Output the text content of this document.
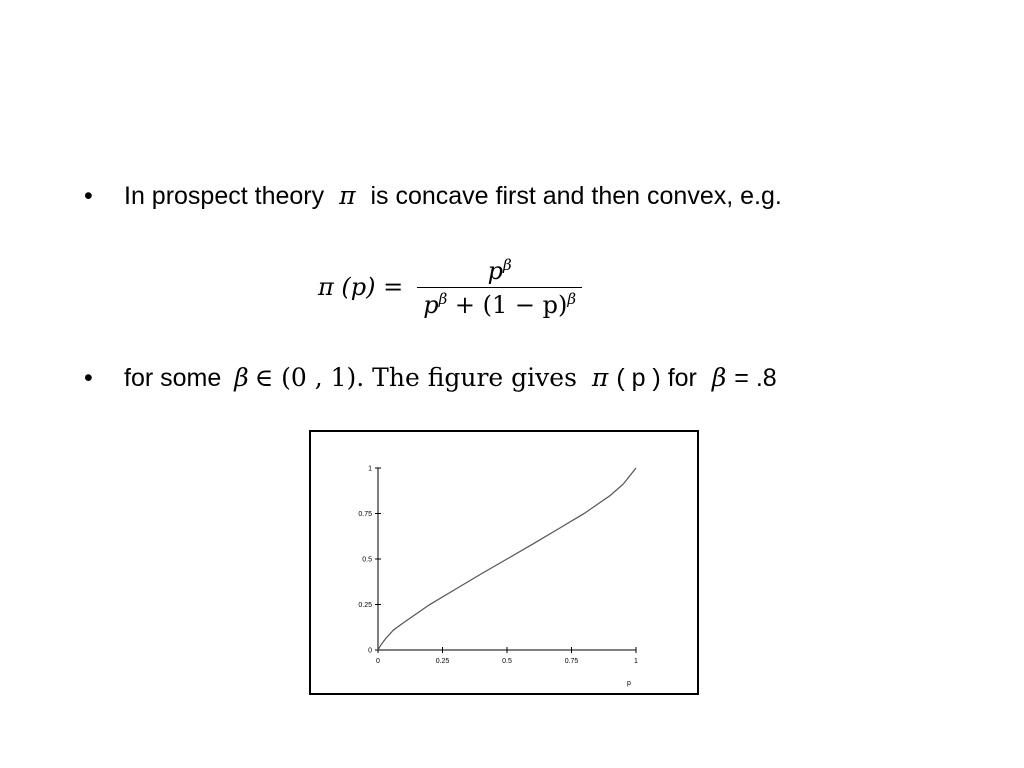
• In prospect theory π is concave first and then convex, e.g.
π $(p) = \frac{p^\beta}{p^\beta + (1 - p)^\beta}$
• for some β ∈ (0 , 1). The figure gives π ( p ) for β = .8
0	0.25	0.5	0.75	1
0
0.25
0.5
0.75
1
p
